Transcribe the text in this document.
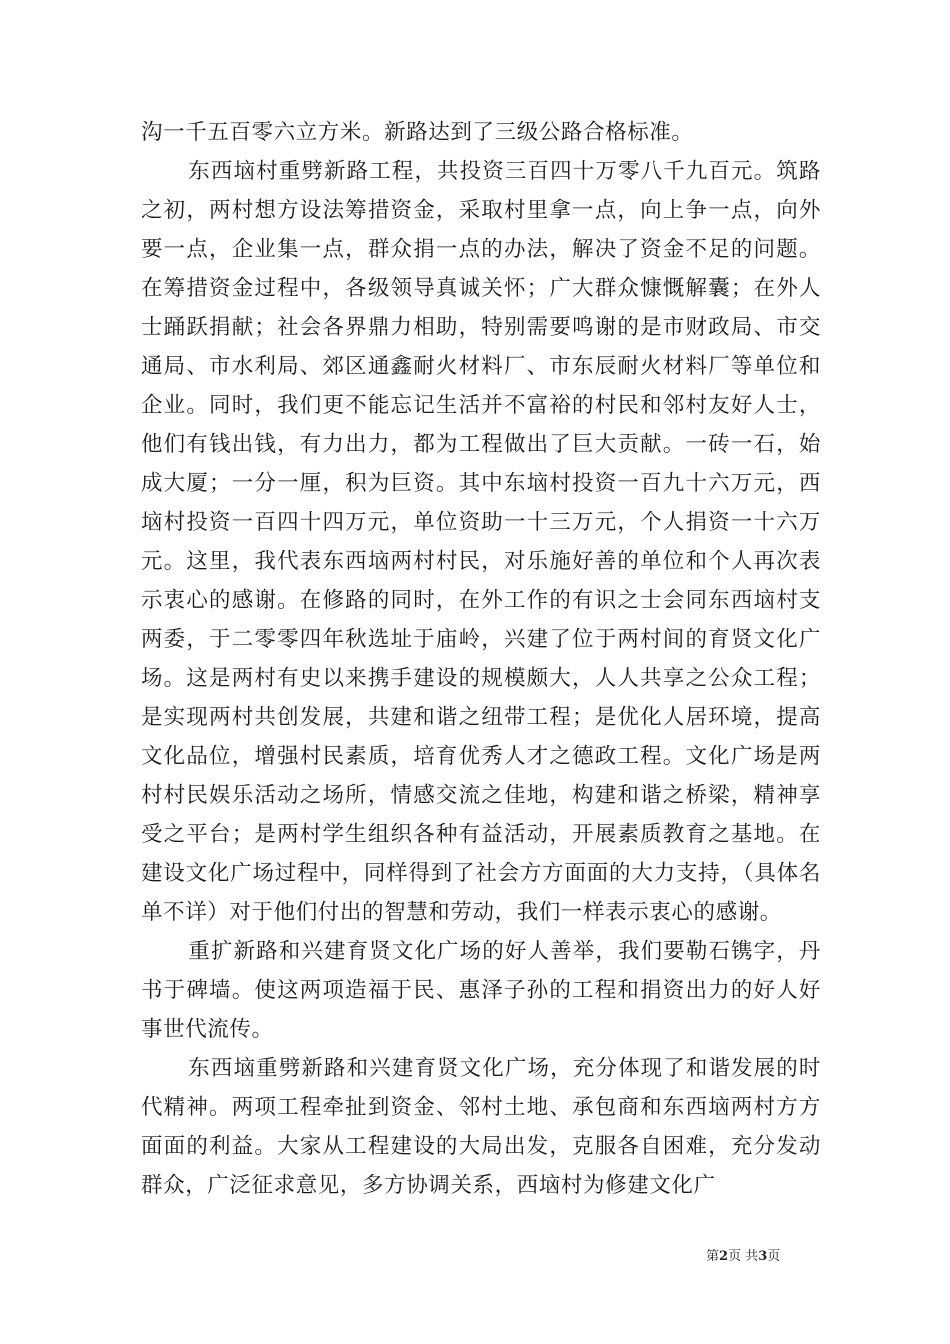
沟一千五百零六立方米。新路达到了三级公路合格标准。

东西垴村重劈新路工程，共投资三百四十万零八千九百元。筑路之初，两村想方设法筹措资金，采取村里拿一点，向上争一点，向外要一点，企业集一点，群众捐一点的办法，解决了资金不足的问题。在筹措资金过程中，各级领导真诚关怀；广大群众慷慨解囊；在外人士踊跃捐献；社会各界鼎力相助，特别需要鸣谢的是市财政局、市交通局、市水利局、郊区通鑫耐火材料厂、市东辰耐火材料厂等单位和企业。同时，我们更不能忘记生活并不富裕的村民和邻村友好人士，他们有钱出钱，有力出力，都为工程做出了巨大贡献。一砖一石，始成大厦；一分一厘，积为巨资。其中东垴村投资一百九十六万元，西垴村投资一百四十四万元，单位资助一十三万元，个人捐资一十六万元。这里，我代表东西垴两村村民，对乐施好善的单位和个人再次表示衷心的感谢。在修路的同时，在外工作的有识之士会同东西垴村支两委，于二零零四年秋选址于庙岭，兴建了位于两村间的育贤文化广场。这是两村有史以来携手建设的规模颇大，人人共享之公众工程；是实现两村共创发展，共建和谐之纽带工程；是优化人居环境，提高文化品位，增强村民素质，培育优秀人才之德政工程。文化广场是两村村民娱乐活动之场所，情感交流之佳地，构建和谐之桥梁，精神享受之平台；是两村学生组织各种有益活动，开展素质教育之基地。在建设文化广场过程中，同样得到了社会方方面面的大力支持，（具体名单不详）对于他们付出的智慧和劳动，我们一样表示衷心的感谢。

重扩新路和兴建育贤文化广场的好人善举，我们要勒石镌字，丹书于碑墙。使这两项造福于民、惠泽子孙的工程和捐资出力的好人好事世代流传。

东西垴重劈新路和兴建育贤文化广场，充分体现了和谐发展的时代精神。两项工程牵扯到资金、邻村土地、承包商和东西垴两村方方面面的利益。大家从工程建设的大局出发，克服各自困难，充分发动群众，广泛征求意见，多方协调关系，西垴村为修建文化广

第2页 共3页
